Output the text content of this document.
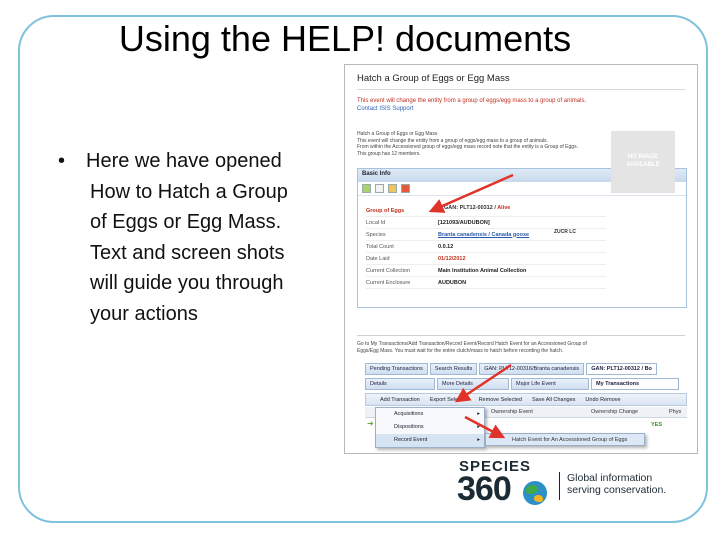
Using the HELP! documents
• Here we have opened
How to Hatch a Group
of Eggs or Egg Mass.
Text and screen shots
will guide you through
your actions
Hatch a Group of Eggs or Egg Mass
This event will change the entity from a group of eggs/egg mass to a group of animals.
Contact ISIS Support
Hatch a Group of Eggs or Egg Mass
This event will change the entity from a group of eggs/egg mass to a group of animals.
From within the Accessioned group of eggs/egg mass record note that the entity is a Group of Eggs.
This group has 12 members.
Basic Info
Group of Eggs	GAN: PLT12-00312 / Alive
Local Id	[121093/AUDUBON]
Species	Branta canadensis / Canada goose	ZUCR LC
Total Count	0.0.12
Date Laid	01/12/2012
Current Collection	Main Institution Animal Collection
Current Enclosure	AUDUBON
NO IMAGE
AVAILABLE
Go to My Transactions/Add Transaction/Record Event/Record Hatch Event for an Accessioned Group of
Eggs/Egg Mass. You must wait for the entire clutch/mass to hatch before recording the hatch.
Pending Transactions	Search Results	GAN: PLT12-00316/Branta canadensis	GAN: PLT12-00312 / Bo
Details	More Details	Major Life Event	My Transactions
Add Transaction Export Selected Remove Selected Save All Changes Undo Remove
Ownership Event	Ownership Change	Phys
➜
Acquisitions	▸
Dispositions	▸
Record Event	▸	Hatch Event for An Accessioned Group of Eggs
YES
SPECIES
360	Global information
serving conservation.
